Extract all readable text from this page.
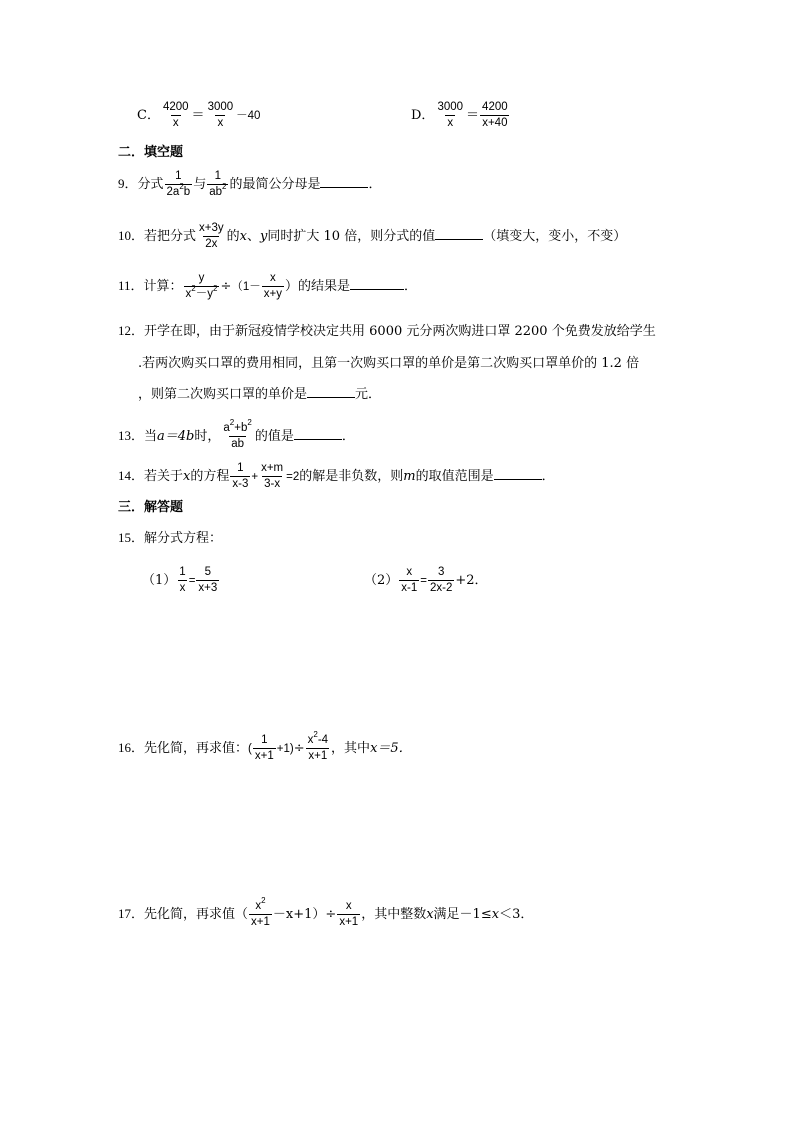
C． $\frac{4200}{x} = \frac{3000}{x} -40$	D． $\frac{3000}{x} = \frac{4200}{x+40}$
二．填空题
9．分式 $\frac{1}{2a^2b}$ 与 $\frac{1}{ab^2}$ 的最简公分母是	．
10．若把分式 $\frac{x+3y}{2x}$ 的x、y同时扩大 10 倍，则分式的值	（填变大，变小，不变）
11．计算： $\frac{y}{x^2-y^2} \div(1- \frac{x}{x+y}$ ）的结果是	．
12．开学在即，由于新冠疫情学校决定共用 6000 元分两次购进口罩 2200 个免费发放给学生
.若两次购买口罩的费用相同，且第一次购买口罩的单价是第二次购买口罩单价的 1.2 倍
，则第二次购买口罩的单价是	元．
13．当a＝4b时， $\frac{a^2+b^2}{ab}$ 的值是	．
14．若关于x的方程 $\frac{1}{x-3} + \frac{x+m}{3-x} =2$的解是非负数，则m的取值范围是	．
三．解答题
15．解分式方程：
$(1) \frac{1}{x} = \frac{5}{x+3}$	$(2) \frac{x}{x-1} = \frac{3}{2x-2} +2$．
16．先化简，再求值：( $\frac{1}{x+1} +1)\div \frac{x^2-4}{x+1}$ ，其中x＝5．
17．先化简，再求值（ $\frac{x^2}{x+1} -x+1)\div \frac{x}{x+1}$ ，其中整数x满足－1≤x＜3．
